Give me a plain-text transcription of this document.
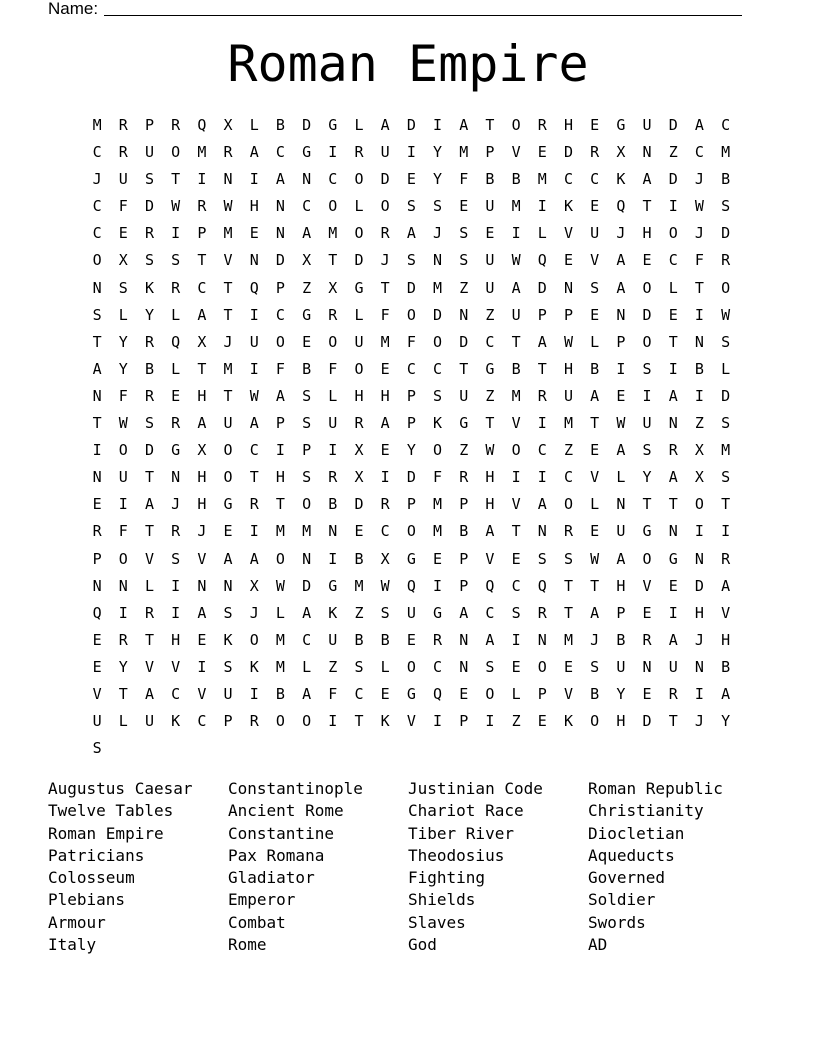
Name:
Roman Empire
M	R	P	R	Q	X	L	B	D	G	L	A	D	I	A	T	O	R	H	E	G	U	D	A	C
C	R	U	O	M	R	A	C	G	I	R	U	I	Y	M	P	V	E	D	R	X	N	Z	C	M
J	U	S	T	I	N	I	A	N	C	O	D	E	Y	F	B	B	M	C	C	K	A	D	J	B
C	F	D	W	R	W	H	N	C	O	L	O	S	S	E	U	M	I	K	E	Q	T	I	W	S
C	E	R	I	P	M	E	N	A	M	O	R	A	J	S	E	I	L	V	U	J	H	O	J	D
O	X	S	S	T	V	N	D	X	T	D	J	S	N	S	U	W	Q	E	V	A	E	C	F	R
N	S	K	R	C	T	Q	P	Z	X	G	T	D	M	Z	U	A	D	N	S	A	O	L	T	O
S	L	Y	L	A	T	I	C	G	R	L	F	O	D	N	Z	U	P	P	E	N	D	E	I	W
T	Y	R	Q	X	J	U	O	E	O	U	M	F	O	D	C	T	A	W	L	P	O	T	N	S
A	Y	B	L	T	M	I	F	B	F	O	E	C	C	T	G	B	T	H	B	I	S	I	B	L
N	F	R	E	H	T	W	A	S	L	H	H	P	S	U	Z	M	R	U	A	E	I	A	I	D
T	W	S	R	A	U	A	P	S	U	R	A	P	K	G	T	V	I	M	T	W	U	N	Z	S
I	O	D	G	X	O	C	I	P	I	X	E	Y	O	Z	W	O	C	Z	E	A	S	R	X	M
N	U	T	N	H	O	T	H	S	R	X	I	D	F	R	H	I	I	C	V	L	Y	A	X	S
E	I	A	J	H	G	R	T	O	B	D	R	P	M	P	H	V	A	O	L	N	T	T	O	T
R	F	T	R	J	E	I	M	M	N	E	C	O	M	B	A	T	N	R	E	U	G	N	I	I
P	O	V	S	V	A	A	O	N	I	B	X	G	E	P	V	E	S	S	W	A	O	G	N	R
N	N	L	I	N	N	X	W	D	G	M	W	Q	I	P	Q	C	Q	T	T	H	V	E	D	A
Q	I	R	I	A	S	J	L	A	K	Z	S	U	G	A	C	S	R	T	A	P	E	I	H	V
E	R	T	H	E	K	O	M	C	U	B	B	E	R	N	A	I	N	M	J	B	R	A	J	H
E	Y	V	V	I	S	K	M	L	Z	S	L	O	C	N	S	E	O	E	S	U	N	U	N	B
V	T	A	C	V	U	I	B	A	F	C	E	G	Q	E	O	L	P	V	B	Y	E	R	I	A
U	L	U	K	C	P	R	O	O	I	T	K	V	I	P	I	Z	E	K	O	H	D	T	J	Y
S
Augustus Caesar	Constantinople	Justinian Code	Roman Republic
Twelve Tables	Ancient Rome	Chariot Race	Christianity
Roman Empire	Constantine	Tiber River	Diocletian
Patricians	Pax Romana	Theodosius	Aqueducts
Colosseum	Gladiator	Fighting	Governed
Plebians	Emperor	Shields	Soldier
Armour	Combat	Slaves	Swords
Italy	Rome	God	AD
